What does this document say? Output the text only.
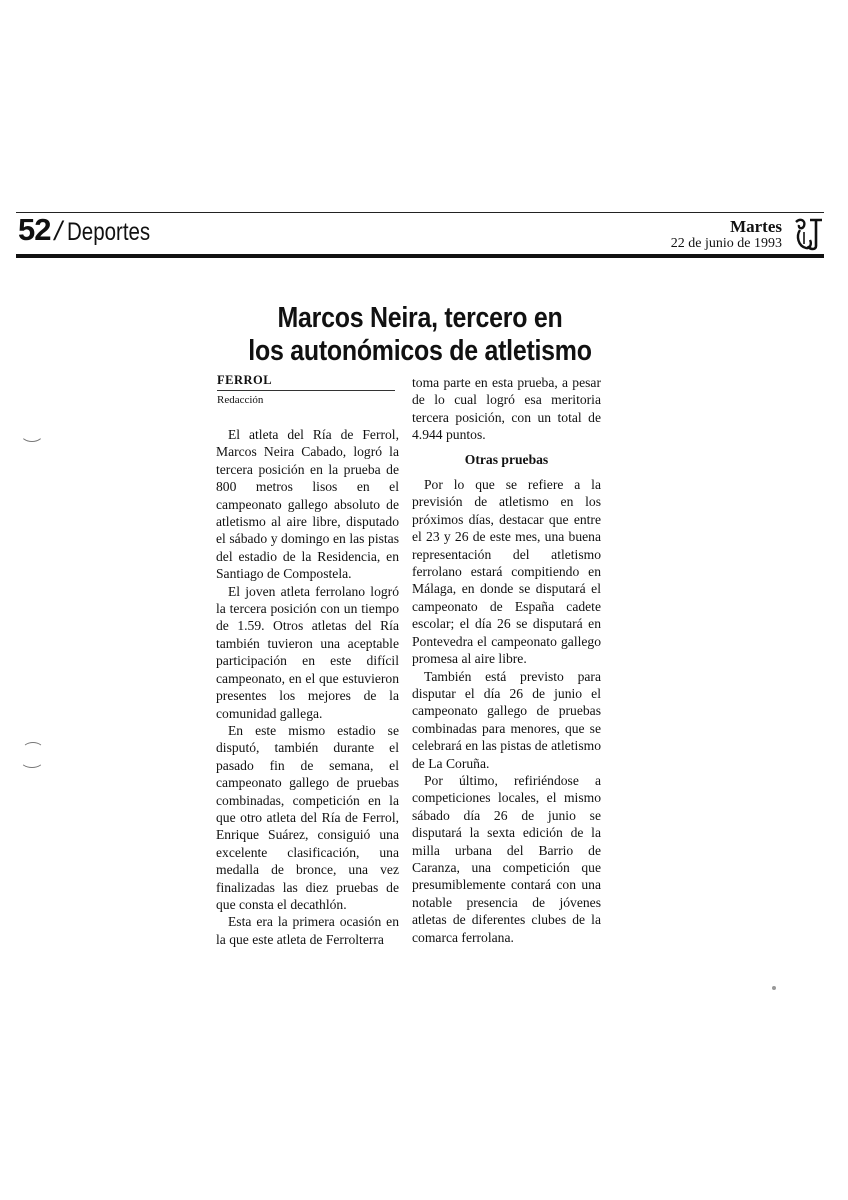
52 / Deportes	Martes
22 de junio de 1993
Marcos Neira, tercero en
los autonómicos de atletismo
FERROL
Redacción

El atleta del Ría de Ferrol, Marcos Neira Cabado, logró la tercera posición en la prueba de 800 metros lisos en el campeonato gallego absoluto de atletismo al aire libre, disputado el sábado y domingo en las pistas del estadio de la Residencia, en Santiago de Compostela.

El joven atleta ferrolano logró la tercera posición con un tiempo de 1.59. Otros atletas del Ría también tuvieron una aceptable participación en este difícil campeonato, en el que estuvieron presentes los mejores de la comunidad gallega.

En este mismo estadio se disputó, también durante el pasado fin de semana, el campeonato gallego de pruebas combinadas, competición en la que otro atleta del Ría de Ferrol, Enrique Suárez, consiguió una excelente clasificación, una medalla de bronce, una vez finalizadas las diez pruebas de que consta el decathlón.

Esta era la primera ocasión en la que este atleta de Ferrolterra

toma parte en esta prueba, a pesar de lo cual logró esa meritoria tercera posición, con un total de 4.944 puntos.

Otras pruebas

Por lo que se refiere a la previsión de atletismo en los próximos días, destacar que entre el 23 y 26 de este mes, una buena representación del atletismo ferrolano estará compitiendo en Málaga, en donde se disputará el campeonato de España cadete escolar; el día 26 se disputará en Pontevedra el campeonato gallego promesa al aire libre.

También está previsto para disputar el día 26 de junio el campeonato gallego de pruebas combinadas para menores, que se celebrará en las pistas de atletismo de La Coruña.

Por último, refiriéndose a competiciones locales, el mismo sábado día 26 de junio se disputará la sexta edición de la milla urbana del Barrio de Caranza, una competición que presumiblemente contará con una notable presencia de jóvenes atletas de diferentes clubes de la comarca ferrolana.
